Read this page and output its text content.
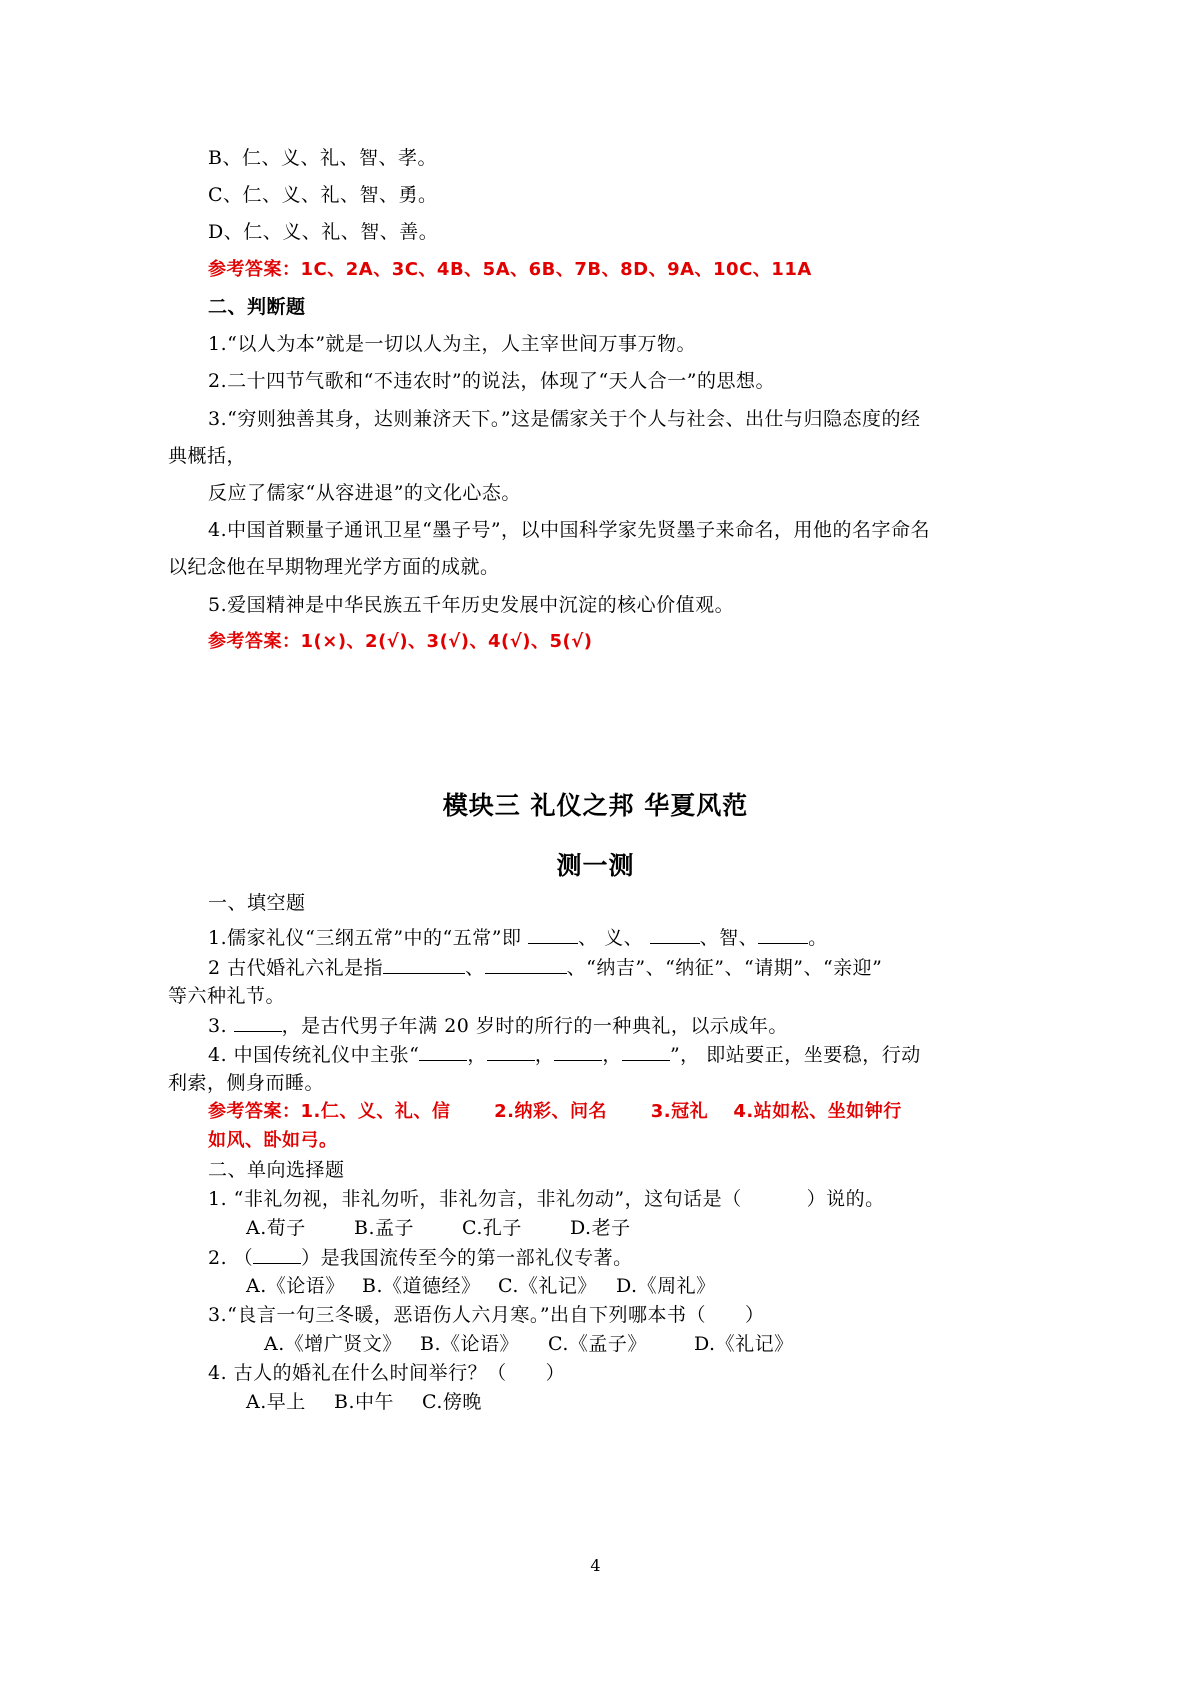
B、仁、义、礼、智、孝。
C、仁、义、礼、智、勇。
D、仁、义、礼、智、善。
参考答案：1C、2A、3C、4B、5A、6B、7B、8D、9A、10C、11A
二、判断题
1.“以人为本”就是一切以人为主，人主宰世间万事万物。
2.二十四节气歌和“不违农时”的说法，体现了“天人合一”的思想。
3.“穷则独善其身，达则兼济天下。”这是儒家关于个人与社会、出仕与归隐态度的经
典概括，
反应了儒家“从容进退”的文化心态。
4.中国首颗量子通讯卫星“墨子号”，以中国科学家先贤墨子来命名，用他的名字命名
以纪念他在早期物理光学方面的成就。
5.爱国精神是中华民族五千年历史发展中沉淀的核心价值观。
参考答案：1(×)、2(√)、3(√)、4(√)、5(√)
模块三 礼仪之邦 华夏风范
测一测
一、填空题
1.儒家礼仪“三纲五常”中的“五常”即	、 义、	、智、	。
2 古代婚礼六礼是指	、	、“纳吉”、“纳征”、“请期”、“亲迎”
等六种礼节。
3.	，是古代男子年满 20 岁时的所行的一种典礼，以示成年。
4. 中国传统礼仪中主张“	，	，	，	”， 即站要正，坐要稳，行动
利索，侧身而睡。
参考答案：1.仁、义、礼、信　　 2.纳彩、问名　　 3.冠礼　 4.站如松、坐如钟行
如风、卧如弓。
二、单向选择题
1. “非礼勿视，非礼勿听，非礼勿言，非礼勿动”，这句话是（　　　 ）说的。
A.荀子	B.孟子	C.孔子	D.老子
2. （	）是我国流传至今的第一部礼仪专著。
A.《论语》 B.《道德经》 C.《礼记》 D.《周礼》
3.“良言一句三冬暖，恶语伤人六月寒。”出自下列哪本书（　　）
A.《增广贤文》 B.《论语》 C.《孟子》 D.《礼记》
4. 古人的婚礼在什么时间举行？（　　）
A.早上 B.中午 C.傍晚
4
